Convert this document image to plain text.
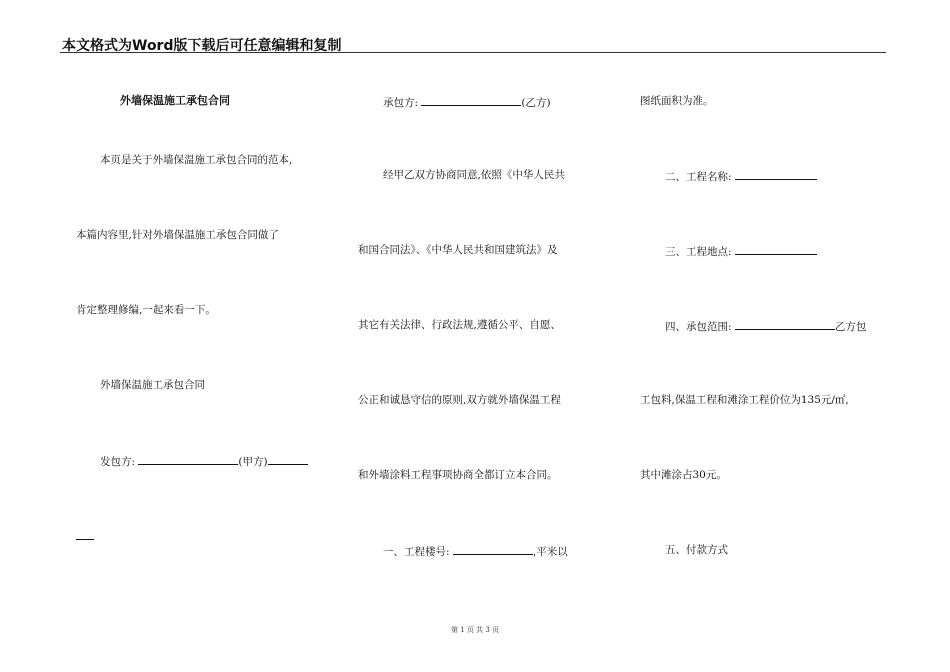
本文格式为Word版下载后可任意编辑和复制
外墙保温施工承包合同
本页是关于外墙保温施工承包合同的范本,
本篇内容里,针对外墙保温施工承包合同做了
肯定整理修编,一起来看一下。
外墙保温施工承包合同
发包方:	(甲方)
承包方:	(乙方)
经甲乙双方协商同意,依照《中华人民共
和国合同法》、《中华人民共和国建筑法》及
其它有关法律、行政法规,遵循公平、自愿、
公正和诚恳守信的原则,双方就外墙保温工程
和外墙涂料工程事项协商全都订立本合同。
一、工程楼号:	,平米以
图纸面积为准。
二、工程名称:
三、工程地点:
四、承包范围:	乙方包
工包料,保温工程和滩涂工程价位为135元/㎡,
其中滩涂占30元。
五、付款方式
第 1 页 共 3 页
